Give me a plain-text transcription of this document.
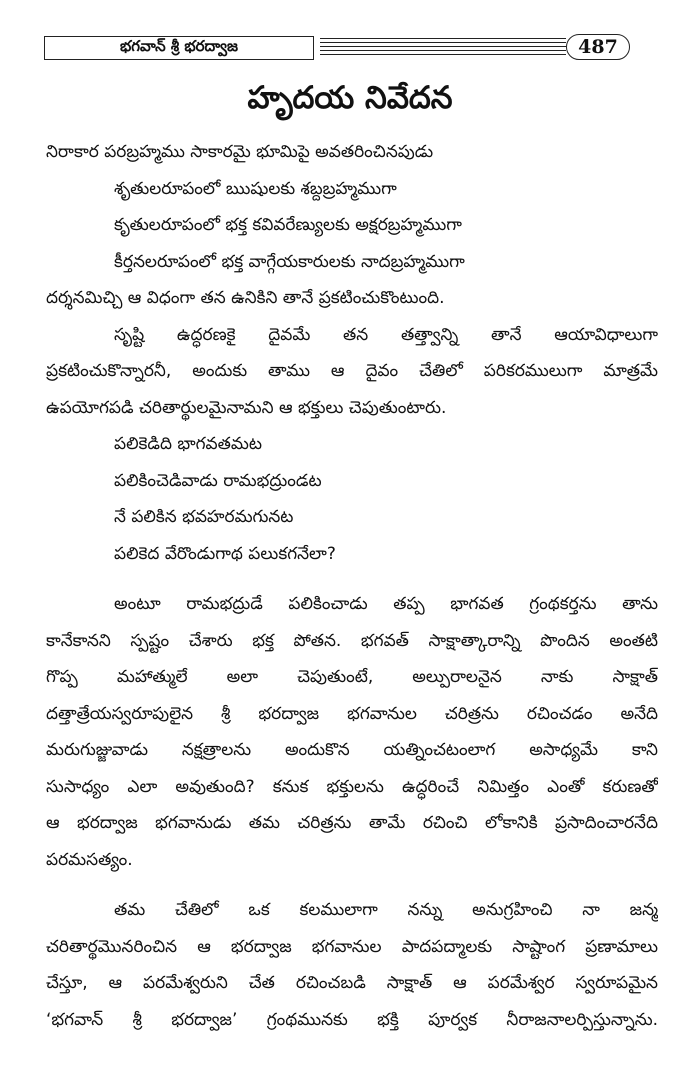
భగవాన్ శ్రీ భరద్వాజ	487
హృదయ నివేదన
నిరాకార పరబ్రహ్మము సాకారమై భూమిపై అవతరించినపుడు
శృతులరూపంలో ఋషులకు శబ్దబ్రహ్మముగా
కృతులరూపంలో భక్త కవివరేణ్యులకు అక్షరబ్రహ్మముగా
కీర్తనలరూపంలో భక్త వాగ్గేయకారులకు నాదబ్రహ్మముగా
దర్శనమిచ్చి ఆ విధంగా తన ఉనికిని తానే ప్రకటించుకొంటుంది.
సృష్టి ఉద్ధరణకై దైవమే తన తత్త్వాన్ని తానే ఆయావిధాలుగా
ప్రకటించుకొన్నారనీ, అందుకు తాము ఆ దైవం చేతిలో పరికరములుగా మాత్రమే
ఉపయోగపడి చరితార్థులమైనామని ఆ భక్తులు చెపుతుంటారు.
పలికెడిది భాగవతమట
పలికించెడివాడు రామభద్రుండట
నే పలికిన భవహరమగునట
పలికెద వేరొండుగాథ పలుకగనేలా?
అంటూ రామభద్రుడే పలికించాడు తప్ప భాగవత గ్రంథకర్తను తాను
కానేకానని స్పష్టం చేశారు భక్త పోతన. భగవత్ సాక్షాత్కారాన్ని పొందిన అంతటి
గొప్ప మహాత్ములే అలా చెపుతుంటే, అల్పురాలనైన నాకు సాక్షాత్
దత్తాత్రేయస్వరూపులైన శ్రీ భరద్వాజ భగవానుల చరిత్రను రచించడం అనేది
మరుగుజ్జువాడు నక్షత్రాలను అందుకొన యత్నించటంలాగ అసాధ్యమే కాని
సుసాధ్యం ఎలా అవుతుంది? కనుక భక్తులను ఉద్ధరించే నిమిత్తం ఎంతో కరుణతో
ఆ భరద్వాజ భగవానుడు తమ చరిత్రను తామే రచించి లోకానికి ప్రసాదించారనేది
పరమసత్యం.
తమ చేతిలో ఒక కలములాగా నన్ను అనుగ్రహించి నా జన్మ
చరితార్థమొనరించిన ఆ భరద్వాజ భగవానుల పాదపద్మాలకు సాష్టాంగ ప్రణామాలు
చేస్తూ, ఆ పరమేశ్వరుని చేత రచించబడి సాక్షాత్ ఆ పరమేశ్వర స్వరూపమైన
‘భగవాన్ శ్రీ భరద్వాజ’ గ్రంథమునకు భక్తి పూర్వక నీరాజనాలర్పిస్తున్నాను.
